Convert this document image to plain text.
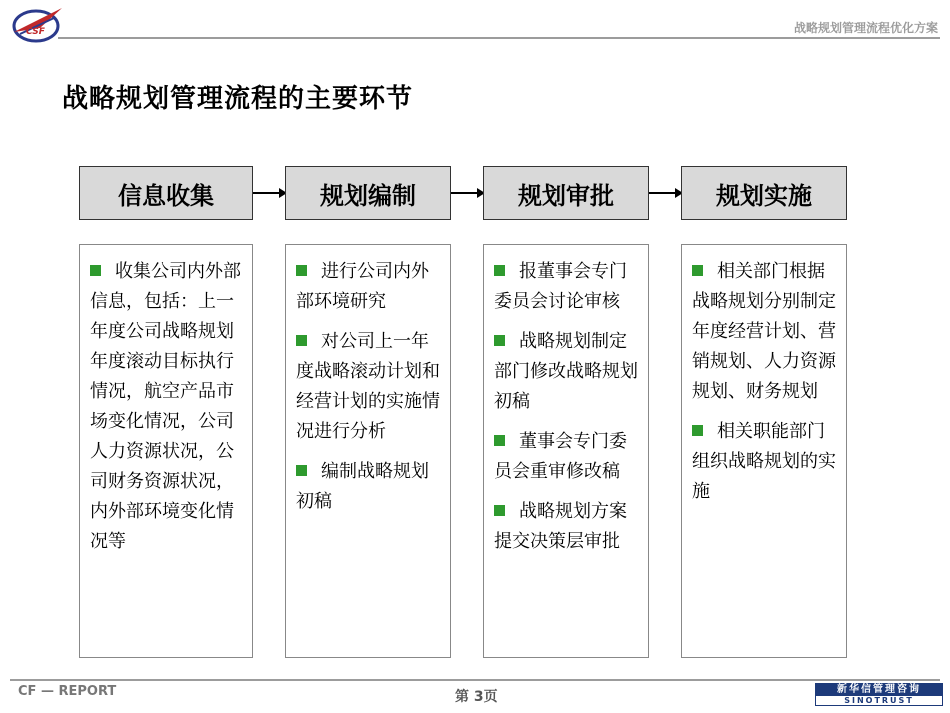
CSF	战略规划管理流程优化方案
战略规划管理流程的主要环节
信息收集	规划编制	规划审批	规划实施

收集公司内外部信息，包括：上一年度公司战略规划年度滚动目标执行情况，航空产品市场变化情况，公司人力资源状况，公司财务资源状况，内外部环境变化情况等

进行公司内外部环境研究

对公司上一年度战略滚动计划和经营计划的实施情况进行分析

编制战略规划初稿

报董事会专门委员会讨论审核

战略规划制定部门修改战略规划初稿

董事会专门委员会重审修改稿

战略规划方案提交决策层审批

相关部门根据战略规划分别制定年度经营计划、营销规划、人力资源规划、财务规划

相关职能部门组织战略规划的实施

CF — REPORT	第 3页	新华信管理咨询
SINOTRUST
